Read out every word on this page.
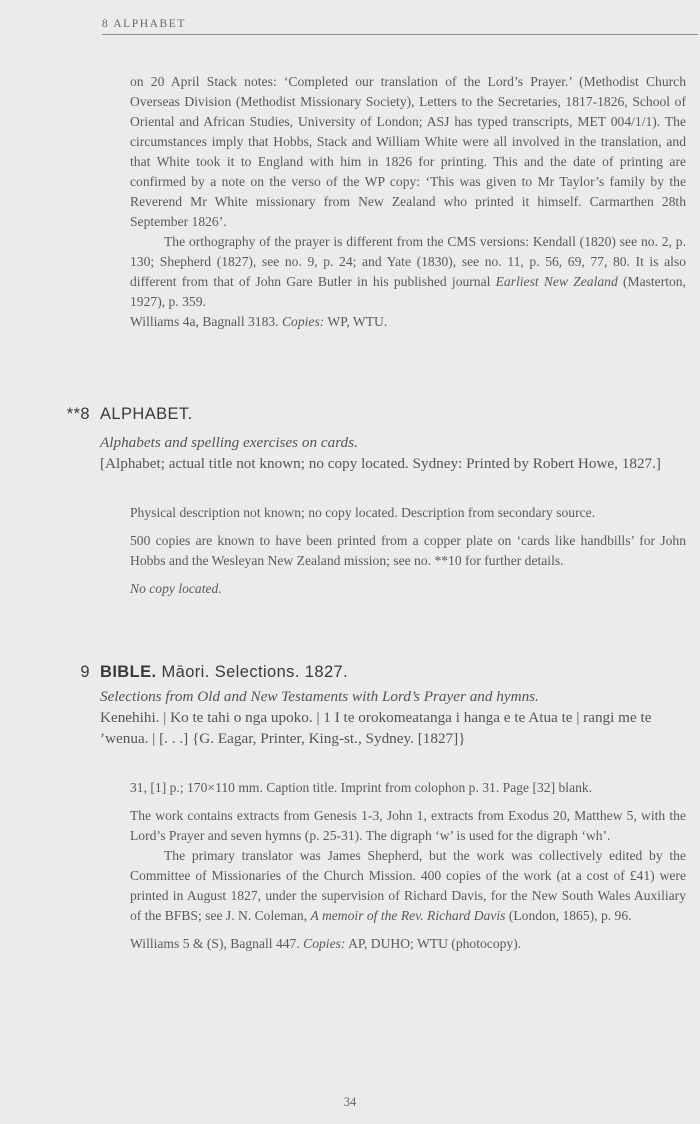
8 ALPHABET

on 20 April Stack notes: ‘Completed our translation of the Lord’s Prayer.’ (Methodist Church Overseas Division (Methodist Missionary Society), Letters to the Secretaries, 1817-1826, School of Oriental and African Studies, University of London; ASJ has typed transcripts, MET 004/1/1). The circumstances imply that Hobbs, Stack and William White were all involved in the translation, and that White took it to England with him in 1826 for printing. This and the date of printing are confirmed by a note on the verso of the WP copy: ‘This was given to Mr Taylor’s family by the Reverend Mr White missionary from New Zealand who printed it himself. Carmarthen 28th September 1826’.

The orthography of the prayer is different from the CMS versions: Kendall (1820) see no. 2, p. 130; Shepherd (1827), see no. 9, p. 24; and Yate (1830), see no. 11, p. 56, 69, 77, 80. It is also different from that of John Gare Butler in his published journal Earliest New Zealand (Masterton, 1927), p. 359.

Williams 4a, Bagnall 3183. Copies: WP, WTU.

**8 ALPHABET.

Alphabets and spelling exercises on cards.

[Alphabet; actual title not known; no copy located. Sydney: Printed by Robert Howe, 1827.]

Physical description not known; no copy located. Description from secondary source.

500 copies are known to have been printed from a copper plate on ‘cards like handbills’ for John Hobbs and the Wesleyan New Zealand mission; see no. **10 for further details.

No copy located.

9 BIBLE. Māori. Selections. 1827.

Selections from Old and New Testaments with Lord’s Prayer and hymns.

Kenehihi. | Ko te tahi o nga upoko. | 1 I te orokomeatanga i hanga e te Atua te | rangi me te ’wenua. | [. . .] {G. Eagar, Printer, King-st., Sydney. [1827]}

31, [1] p.; 170×110 mm. Caption title. Imprint from colophon p. 31. Page [32] blank.

The work contains extracts from Genesis 1-3, John 1, extracts from Exodus 20, Matthew 5, with the Lord’s Prayer and seven hymns (p. 25-31). The digraph ‘w’ is used for the digraph ‘wh’.

The primary translator was James Shepherd, but the work was collectively edited by the Committee of Missionaries of the Church Mission. 400 copies of the work (at a cost of £41) were printed in August 1827, under the supervision of Richard Davis, for the New South Wales Auxiliary of the BFBS; see J. N. Coleman, A memoir of the Rev. Richard Davis (London, 1865), p. 96.

Williams 5 & (S), Bagnall 447. Copies: AP, DUHO; WTU (photocopy).

34
